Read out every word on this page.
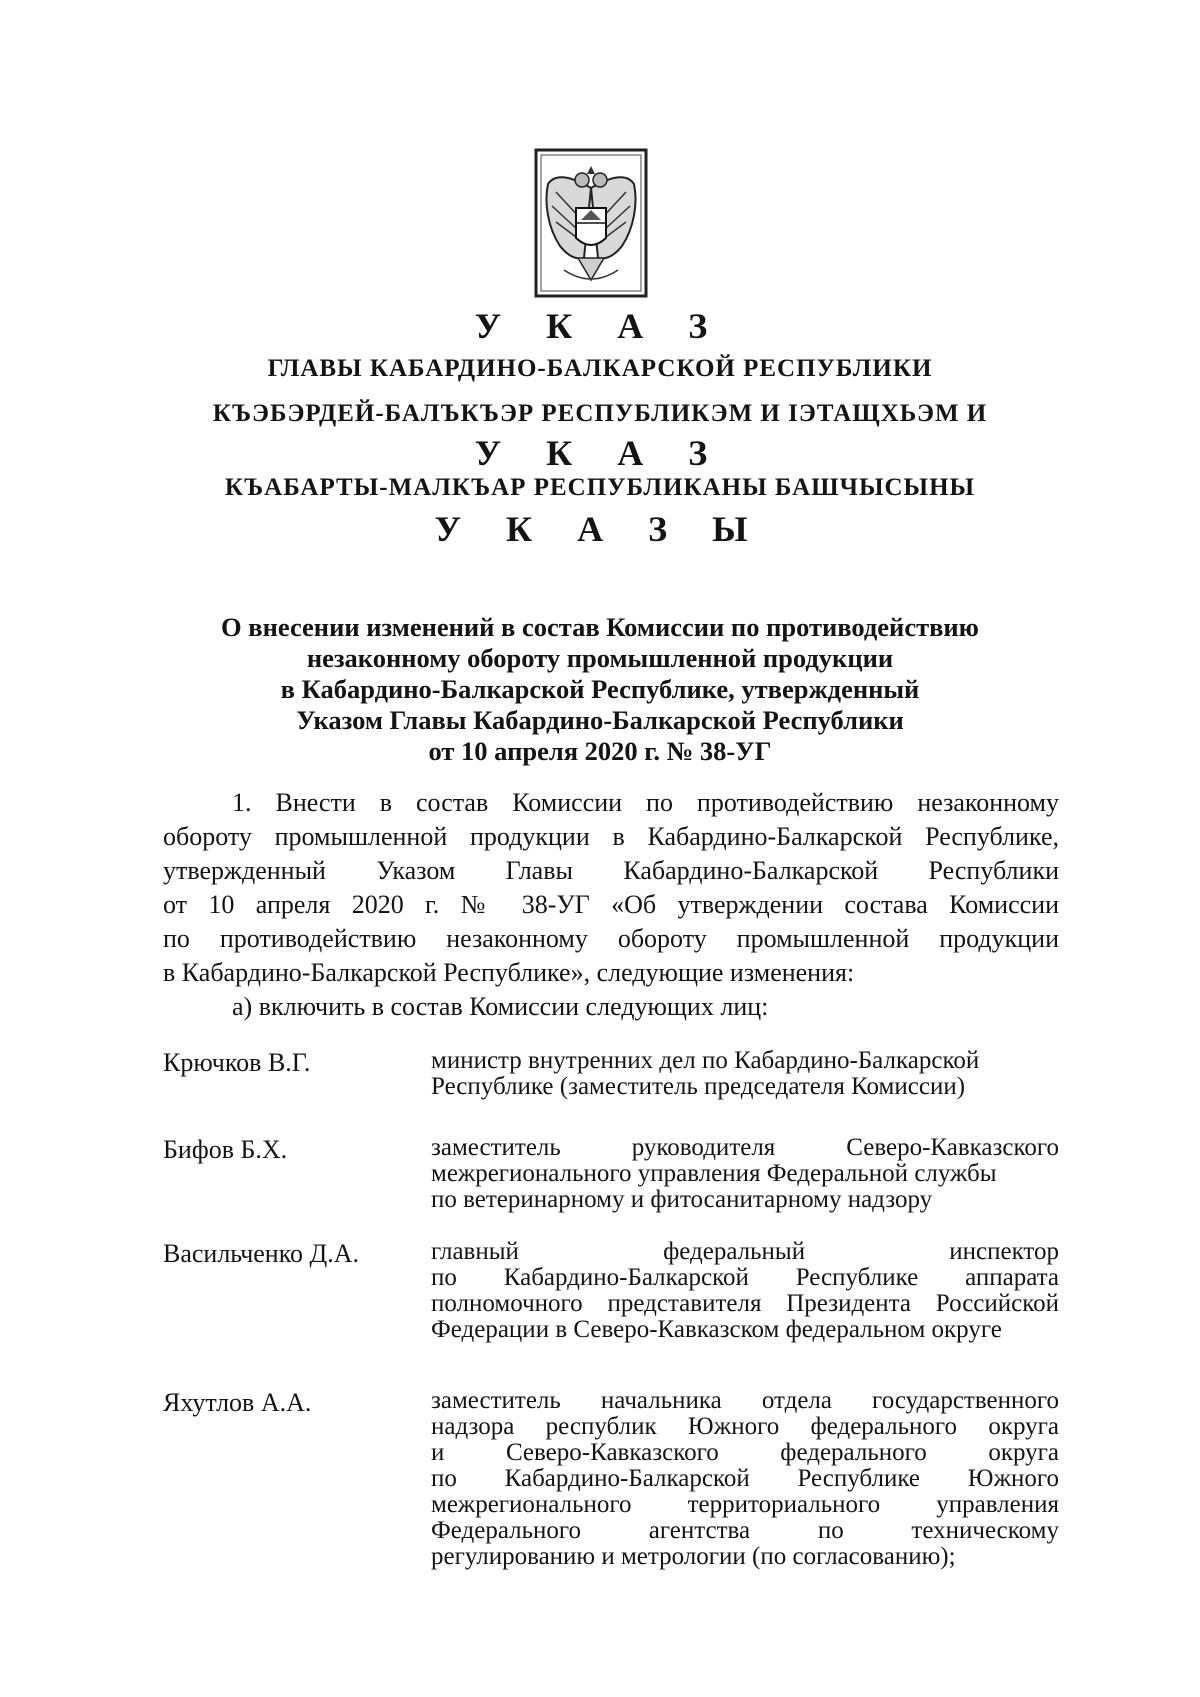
У К А З
ГЛАВЫ КАБАРДИНО-БАЛКАРСКОЙ РЕСПУБЛИКИ
КЪЭБЭРДЕЙ-БАЛЪКЪЭР РЕСПУБЛИКЭМ И IЭТАЩХЬЭМ И
У К А З
КЪАБАРТЫ-МАЛКЪАР РЕСПУБЛИКАНЫ БАШЧЫСЫНЫ
У К А З Ы
О внесении изменений в состав Комиссии по противодействию
незаконному обороту промышленной продукции
в Кабардино-Балкарской Республике, утвержденный
Указом Главы Кабардино-Балкарской Республики
от 10 апреля 2020 г. № 38-УГ
1. Внести в состав Комиссии по противодействию незаконному
обороту промышленной продукции в Кабардино-Балкарской Республике,
утвержденный Указом Главы Кабардино-Балкарской Республики
от 10 апреля 2020 г. № 38-УГ «Об утверждении состава Комиссии
по противодействию незаконному обороту промышленной продукции
в Кабардино-Балкарской Республике», следующие изменения:
а) включить в состав Комиссии следующих лиц:
Крючков В.Г.	министр внутренних дел по Кабардино-Балкарской
Республике (заместитель председателя Комиссии)
Бифов Б.Х.	заместитель руководителя Северо-Кавказского
межрегионального управления Федеральной службы
по ветеринарному и фитосанитарному надзору
Васильченко Д.А.	главный федеральный инспектор
по Кабардино-Балкарской Республике аппарата
полномочного представителя Президента Российской
Федерации в Северо-Кавказском федеральном округе
Яхутлов А.А.	заместитель начальника отдела государственного
надзора республик Южного федерального округа
и Северо-Кавказского федерального округа
по Кабардино-Балкарской Республике Южного
межрегионального территориального управления
Федерального агентства по техническому
регулированию и метрологии (по согласованию);
